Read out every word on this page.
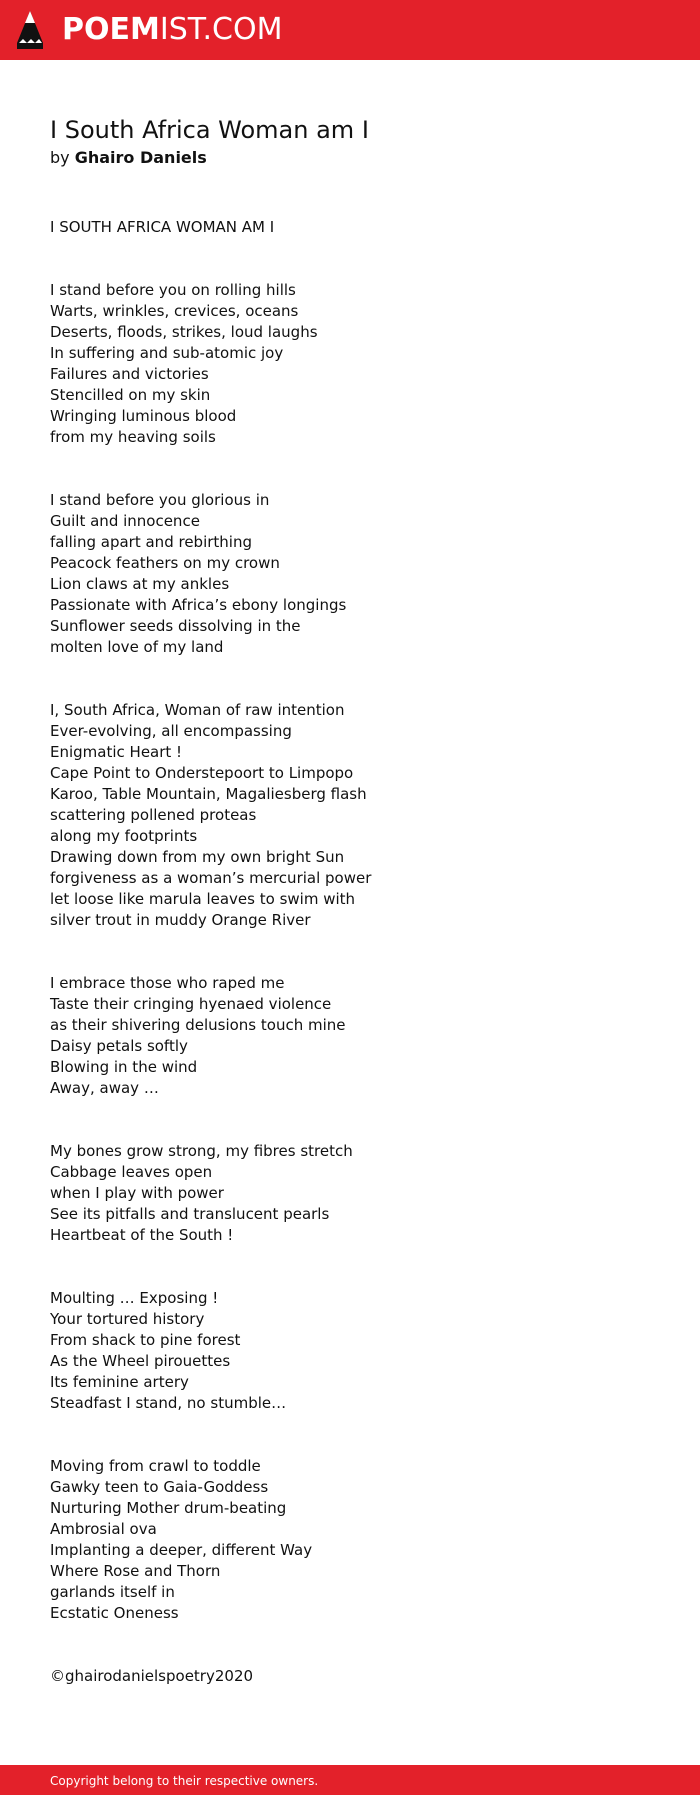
POEMIST.COM
I South Africa Woman am I
by Ghairo Daniels
I SOUTH AFRICA WOMAN AM I
I stand before you on rolling hills
Warts, wrinkles, crevices, oceans
Deserts, floods, strikes, loud laughs
In suffering and sub-atomic joy
Failures and victories
Stencilled on my skin
Wringing luminous blood
from my heaving soils
I stand before you glorious in
Guilt and innocence
falling apart and rebirthing
Peacock feathers on my crown
Lion claws at my ankles
Passionate with Africa’s ebony longings
Sunflower seeds dissolving in the
molten love of my land
I, South Africa, Woman of raw intention
Ever-evolving, all encompassing
Enigmatic Heart !
Cape Point to Onderstepoort to Limpopo
Karoo, Table Mountain, Magaliesberg flash
scattering pollened proteas
along my footprints
Drawing down from my own bright Sun
forgiveness as a woman’s mercurial power
let loose like marula leaves to swim with
silver trout in muddy Orange River
I embrace those who raped me
Taste their cringing hyenaed violence
as their shivering delusions touch mine
Daisy petals softly
Blowing in the wind
Away, away …
My bones grow strong, my fibres stretch
Cabbage leaves open
when I play with power
See its pitfalls and translucent pearls
Heartbeat of the South !
Moulting … Exposing !
Your tortured history
From shack to pine forest
As the Wheel pirouettes
Its feminine artery
Steadfast I stand, no stumble…
Moving from crawl to toddle
Gawky teen to Gaia-Goddess
Nurturing Mother drum-beating
Ambrosial ova
Implanting a deeper, different Way
Where Rose and Thorn
garlands itself in
Ecstatic Oneness
©ghairodanielspoetry2020
Copyright belong to their respective owners.
